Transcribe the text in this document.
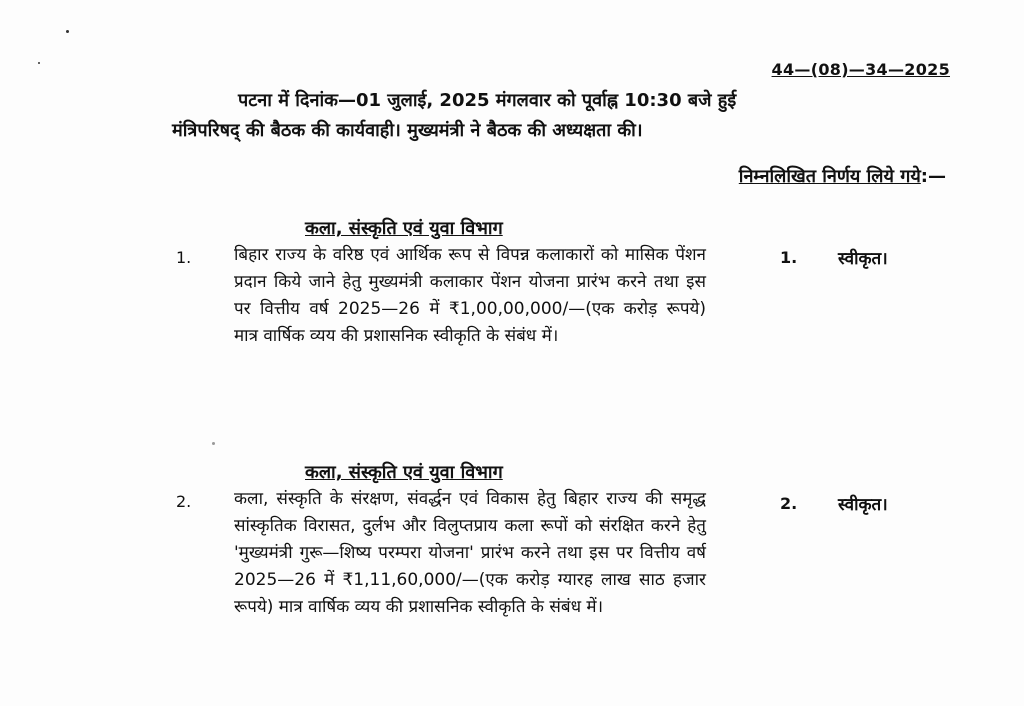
44—(08)—34—2025
पटना में दिनांक—01 जुलाई, 2025 मंगलवार को पूर्वाह्न 10:30 बजे हुई
मंत्रिपरिषद् की बैठक की कार्यवाही। मुख्यमंत्री ने बैठक की अध्यक्षता की।
निम्नलिखित निर्णय लिये गये:—
कला, संस्कृति एवं युवा विभाग
1.	बिहार राज्य के वरिष्ठ एवं आर्थिक रूप से विपन्न कलाकारों को मासिक पेंशन प्रदान किये जाने हेतु मुख्यमंत्री कलाकार पेंशन योजना प्रारंभ करने तथा इस पर वित्तीय वर्ष 2025—26 में ₹1,00,00,000/—(एक करोड़ रूपये) मात्र वार्षिक व्यय की प्रशासनिक स्वीकृति के संबंध में।
1. स्वीकृत।
कला, संस्कृति एवं युवा विभाग
2.	कला, संस्कृति के संरक्षण, संवर्द्धन एवं विकास हेतु बिहार राज्य की समृद्ध सांस्कृतिक विरासत, दुर्लभ और विलुप्तप्राय कला रूपों को संरक्षित करने हेतु 'मुख्यमंत्री गुरू—शिष्य परम्परा योजना' प्रारंभ करने तथा इस पर वित्तीय वर्ष 2025—26 में ₹1,11,60,000/—(एक करोड़ ग्यारह लाख साठ हजार रूपये) मात्र वार्षिक व्यय की प्रशासनिक स्वीकृति के संबंध में।
2. स्वीकृत।
